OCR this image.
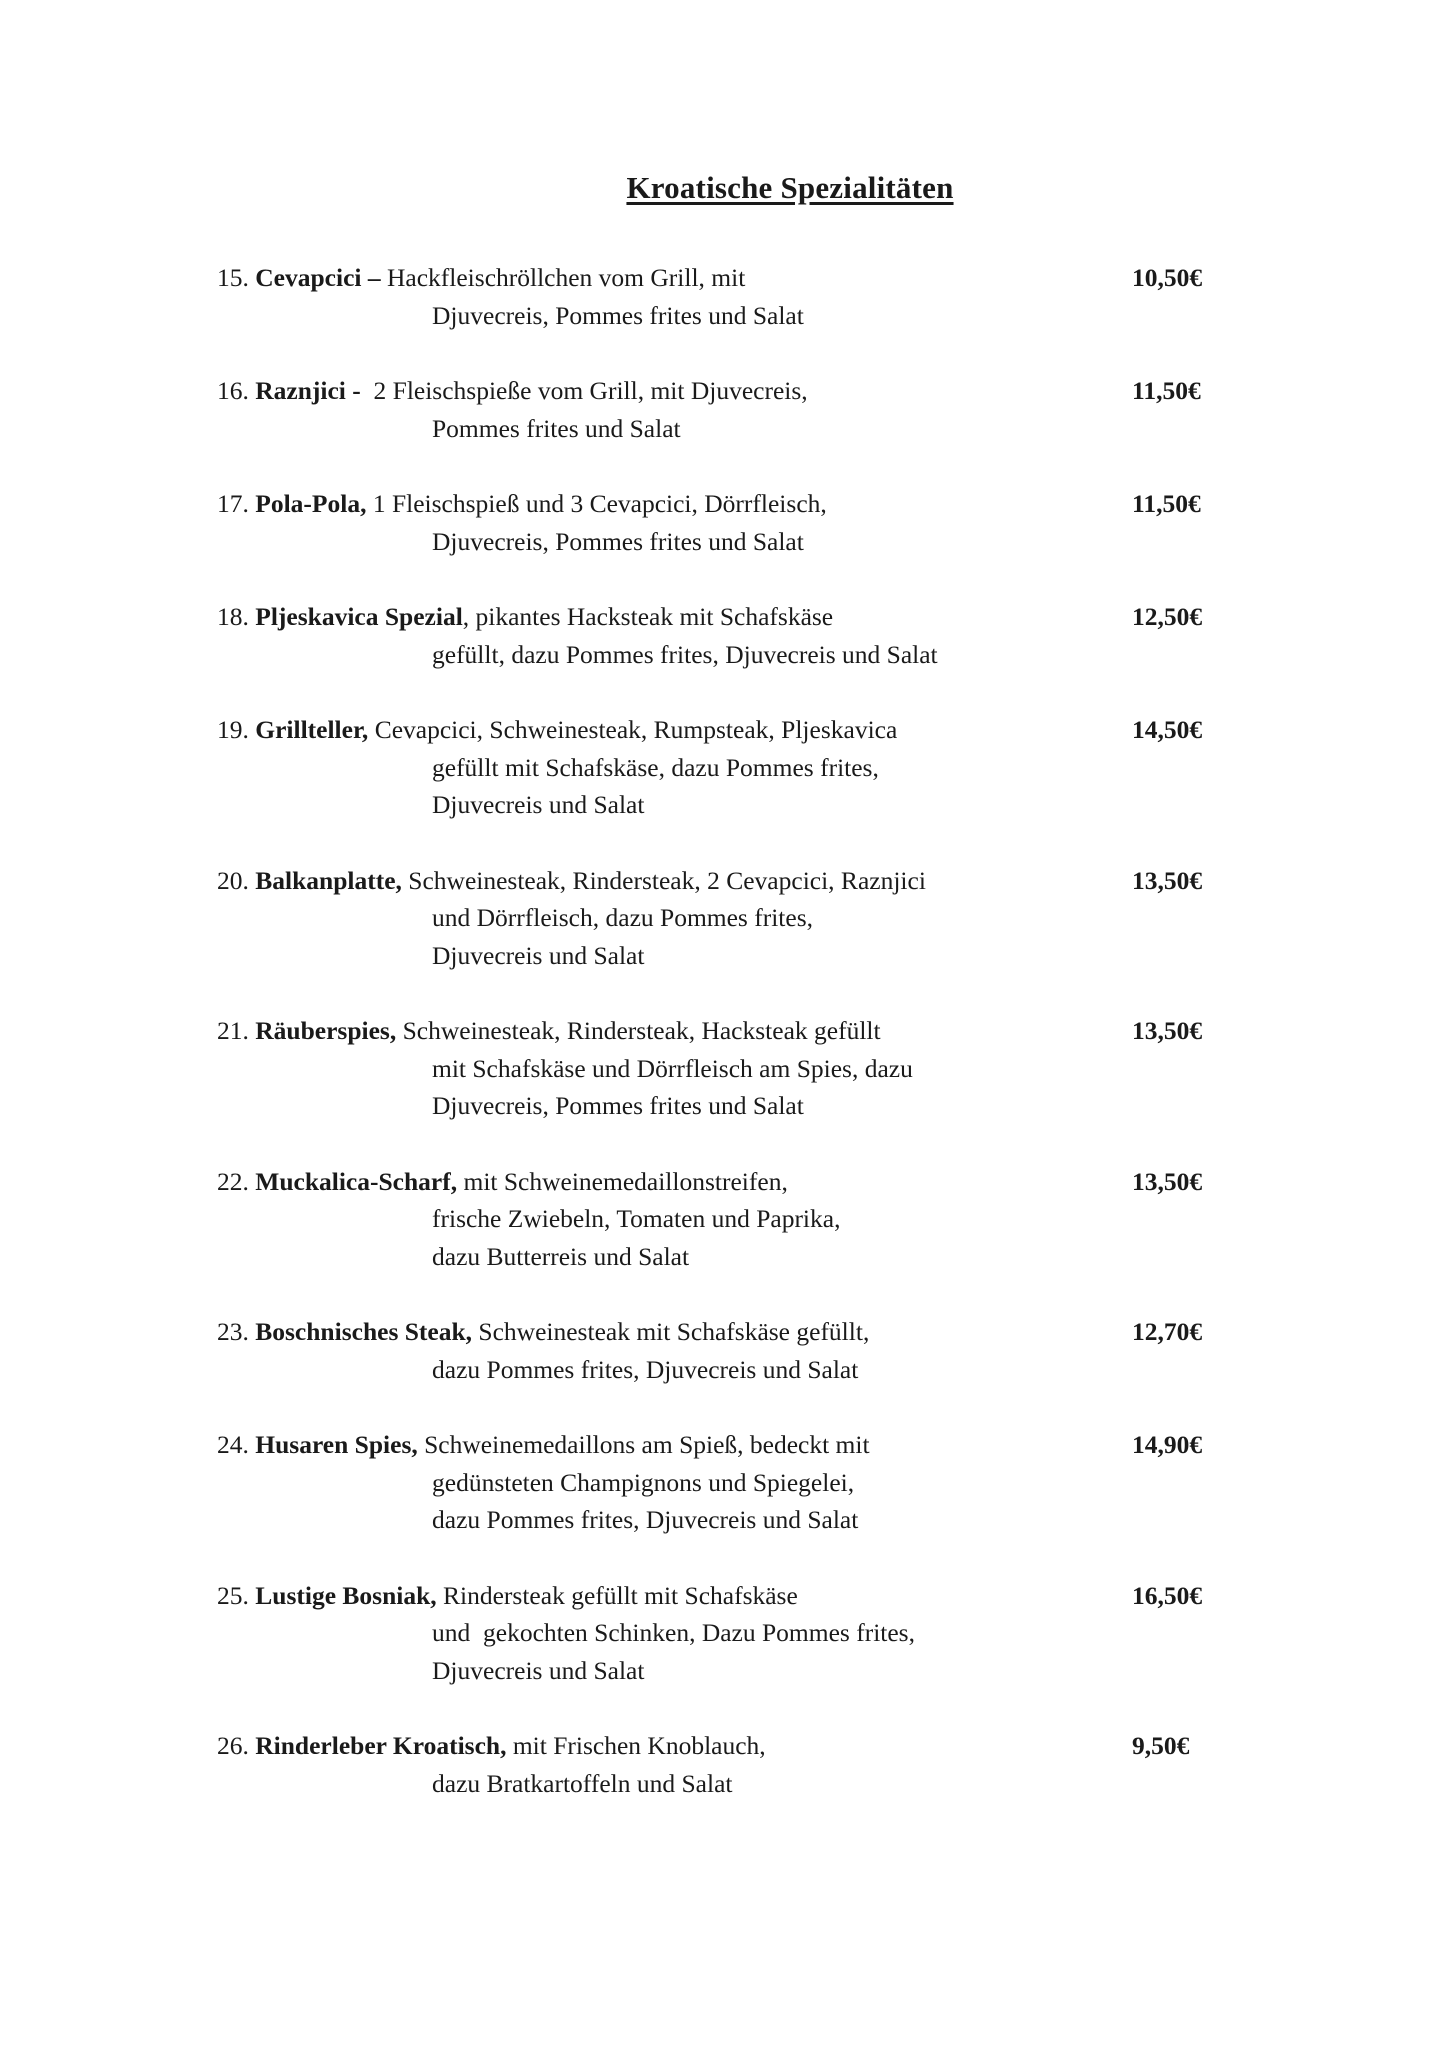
Kroatische Spezialitäten
15. Cevapcici – Hackfleischröllchen vom Grill, mit
Djuvecreis, Pommes frites und Salat
10,50€
16. Raznjici -  2 Fleischspieße vom Grill, mit Djuvecreis,
Pommes frites und Salat
11,50€
17. Pola-Pola, 1 Fleischspieß und 3 Cevapcici, Dörrfleisch,
Djuvecreis, Pommes frites und Salat
11,50€
18. Pljeskavica Spezial, pikantes Hacksteak mit Schafskäse
gefüllt, dazu Pommes frites, Djuvecreis und Salat
12,50€
19. Grillteller, Cevapcici, Schweinesteak, Rumpsteak, Pljeskavica
gefüllt mit Schafskäse, dazu Pommes frites,
Djuvecreis und Salat
14,50€
20. Balkanplatte, Schweinesteak, Rindersteak, 2 Cevapcici, Raznjici
und Dörrfleisch, dazu Pommes frites,
Djuvecreis und Salat
13,50€
21. Räuberspies, Schweinesteak, Rindersteak, Hacksteak gefüllt
mit Schafskäse und Dörrfleisch am Spies, dazu
Djuvecreis, Pommes frites und Salat
13,50€
22. Muckalica-Scharf, mit Schweinemedaillonstreifen,
frische Zwiebeln, Tomaten und Paprika,
dazu Butterreis und Salat
13,50€
23. Boschnisches Steak, Schweinesteak mit Schafskäse gefüllt,
dazu Pommes frites, Djuvecreis und Salat
12,70€
24. Husaren Spies, Schweinemedaillons am Spieß, bedeckt mit
gedünsteten Champignons und Spiegelei,
dazu Pommes frites, Djuvecreis und Salat
14,90€
25. Lustige Bosniak, Rindersteak gefüllt mit Schafskäse
und  gekochten Schinken, Dazu Pommes frites,
Djuvecreis und Salat
16,50€
26. Rinderleber Kroatisch, mit Frischen Knoblauch,
dazu Bratkartoffeln und Salat
9,50€
